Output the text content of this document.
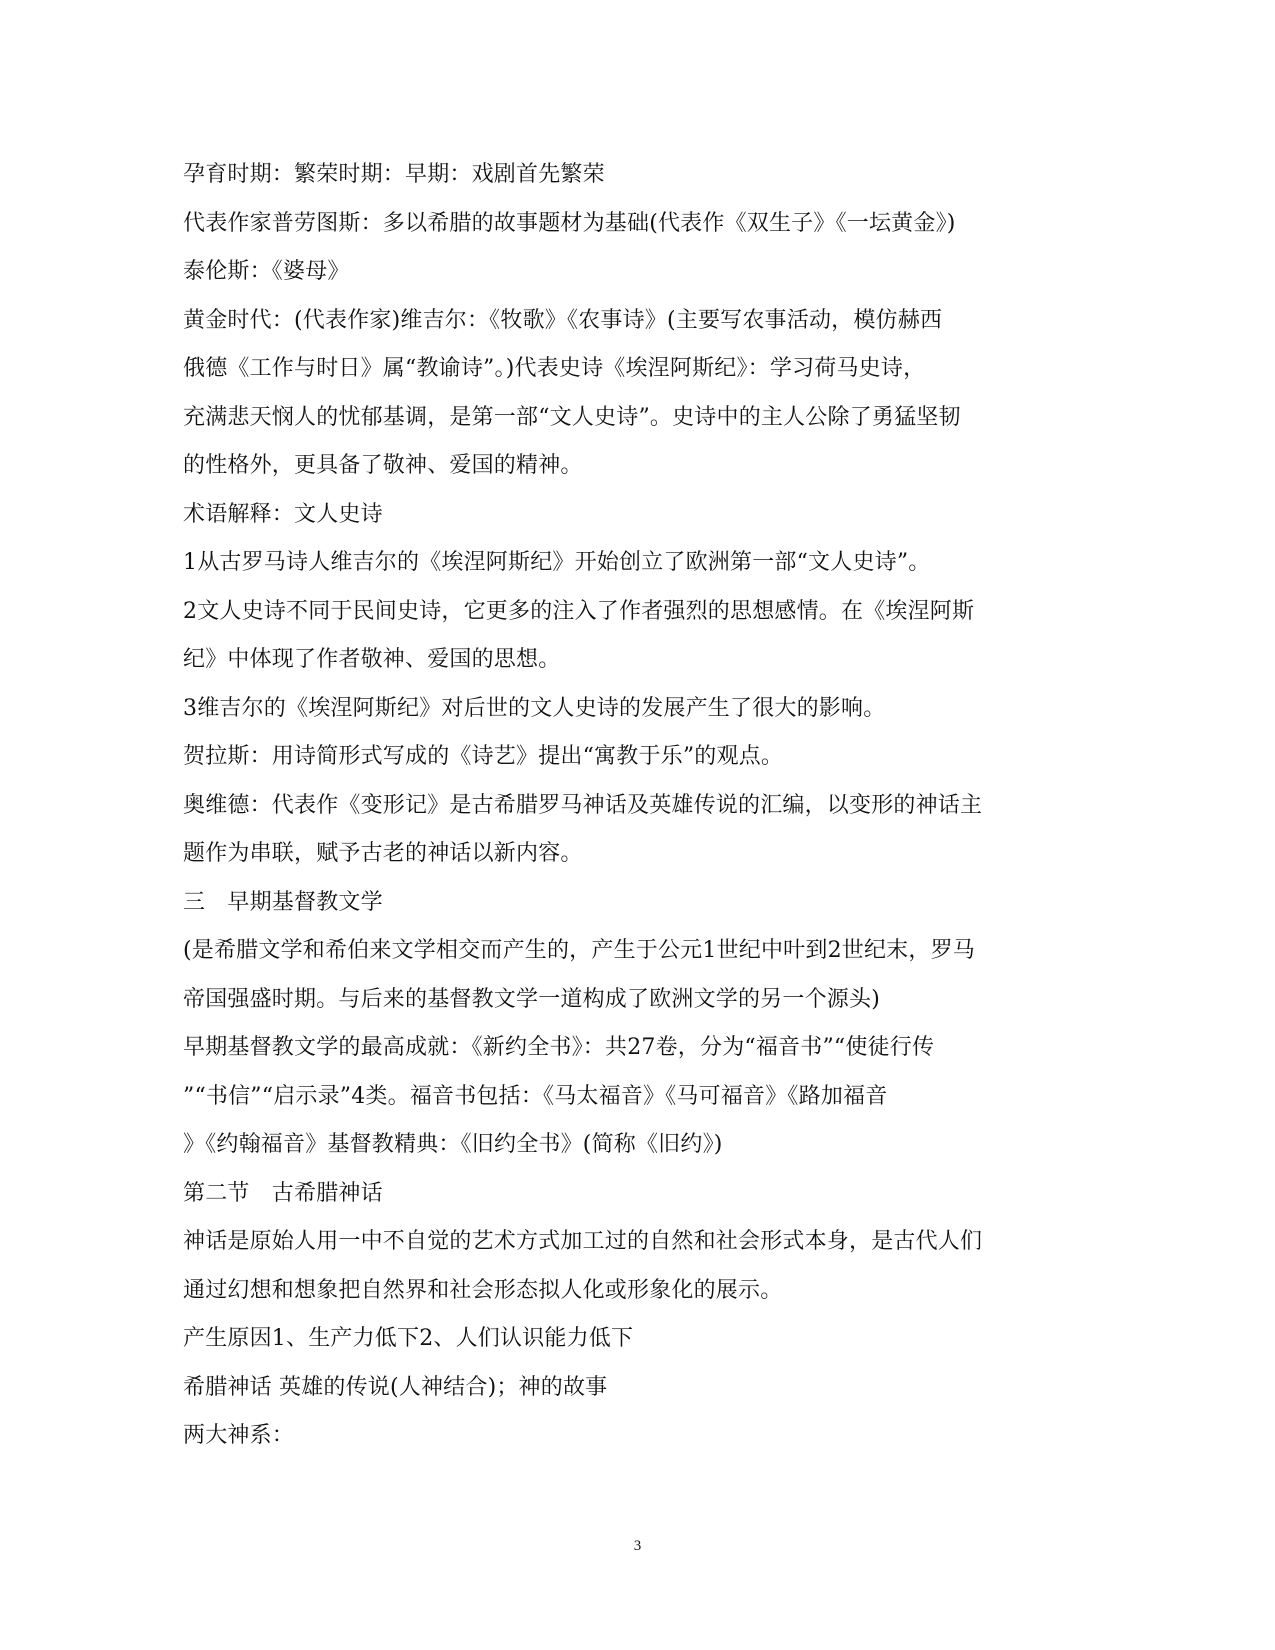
孕育时期：繁荣时期：早期：戏剧首先繁荣
代表作家普劳图斯：多以希腊的故事题材为基础(代表作《双生子》《一坛黄金》)
泰伦斯：《婆母》
黄金时代：(代表作家)维吉尔：《牧歌》《农事诗》(主要写农事活动，模仿赫西
俄德《工作与时日》属“教谕诗”。)代表史诗《埃涅阿斯纪》：学习荷马史诗，
充满悲天悯人的忧郁基调，是第一部“文人史诗”。史诗中的主人公除了勇猛坚韧
的性格外，更具备了敬神、爱国的精神。
术语解释：文人史诗
1从古罗马诗人维吉尔的《埃涅阿斯纪》开始创立了欧洲第一部“文人史诗”。
2文人史诗不同于民间史诗，它更多的注入了作者强烈的思想感情。在《埃涅阿斯
纪》中体现了作者敬神、爱国的思想。
3维吉尔的《埃涅阿斯纪》对后世的文人史诗的发展产生了很大的影响。
贺拉斯：用诗简形式写成的《诗艺》提出“寓教于乐”的观点。
奥维德：代表作《变形记》是古希腊罗马神话及英雄传说的汇编，以变形的神话主
题作为串联，赋予古老的神话以新内容。
三　早期基督教文学
(是希腊文学和希伯来文学相交而产生的，产生于公元1世纪中叶到2世纪末，罗马
帝国强盛时期。与后来的基督教文学一道构成了欧洲文学的另一个源头)
早期基督教文学的最高成就：《新约全书》：共27卷，分为“福音书”“使徒行传
”“书信”“启示录”4类。福音书包括：《马太福音》《马可福音》《路加福音
》《约翰福音》基督教精典：《旧约全书》(简称《旧约》)
第二节　古希腊神话
神话是原始人用一中不自觉的艺术方式加工过的自然和社会形式本身，是古代人们
通过幻想和想象把自然界和社会形态拟人化或形象化的展示。
产生原因1、生产力低下2、人们认识能力低下
希腊神话 英雄的传说(人神结合)；神的故事
两大神系：
3
